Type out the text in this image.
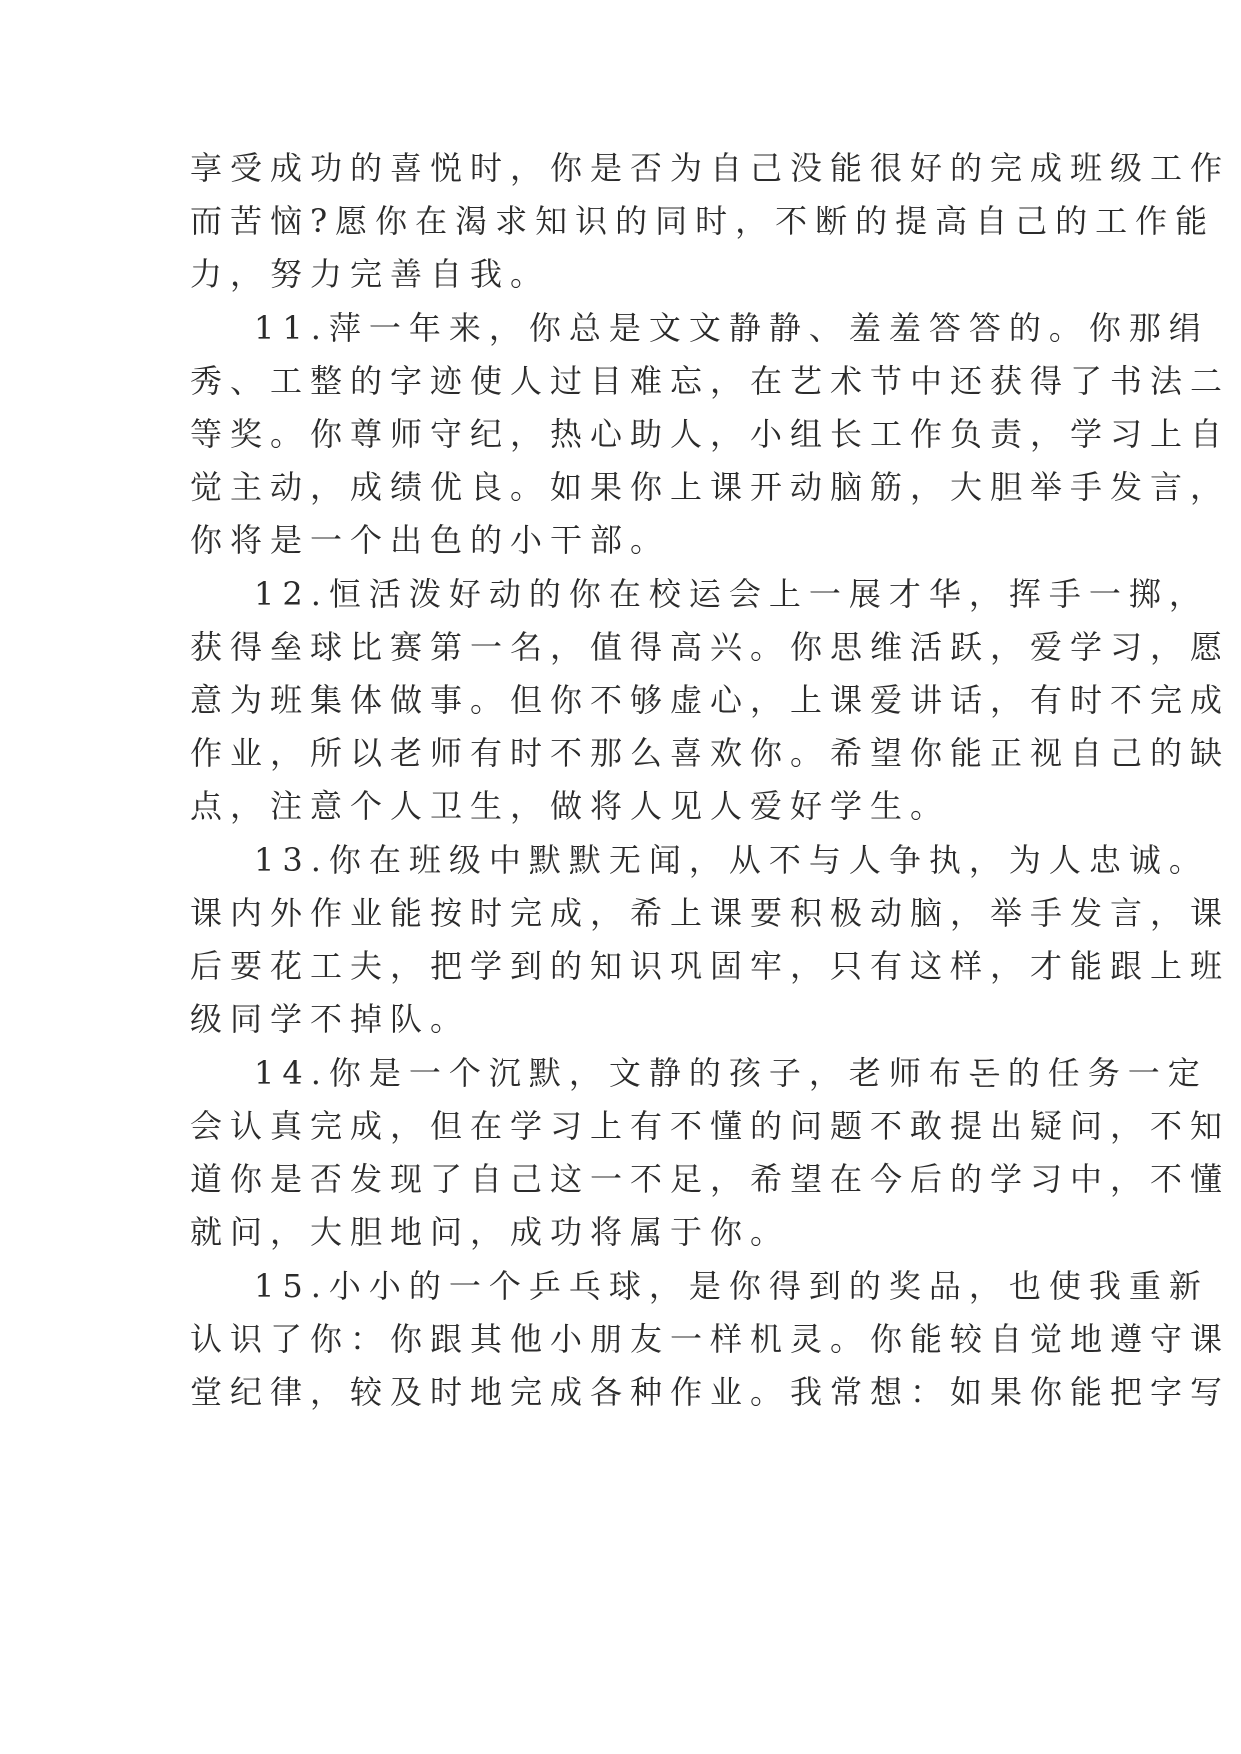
享受成功的喜悦时，你是否为自己没能很好的完成班级工作
而苦恼?愿你在渴求知识的同时，不断的提高自己的工作能
力，努力完善自我。
11.萍一年来，你总是文文静静、羞羞答答的。你那绢
秀、工整的字迹使人过目难忘，在艺术节中还获得了书法二
等奖。你尊师守纪，热心助人，小组长工作负责，学习上自
觉主动，成绩优良。如果你上课开动脑筋，大胆举手发言，
你将是一个出色的小干部。
12.恒活泼好动的你在校运会上一展才华，挥手一掷，
获得垒球比赛第一名，值得高兴。你思维活跃，爱学习，愿
意为班集体做事。但你不够虚心，上课爱讲话，有时不完成
作业，所以老师有时不那么喜欢你。希望你能正视自己的缺
点，注意个人卫生，做将人见人爱好学生。
13.你在班级中默默无闻，从不与人争执，为人忠诚。
课内外作业能按时完成，希上课要积极动脑，举手发言，课
后要花工夫，把学到的知识巩固牢，只有这样，才能跟上班
级同学不掉队。
14.你是一个沉默，文静的孩子，老师布돈的任务一定
会认真完成，但在学习上有不懂的问题不敢提出疑问，不知
道你是否发现了自己这一不足，希望在今后的学习中，不懂
就问，大胆地问，成功将属于你。
15.小小的一个乒乓球，是你得到的奖品，也使我重新
认识了你：你跟其他小朋友一样机灵。你能较自觉地遵守课
堂纪律，较及时地完成各种作业。我常想：如果你能把字写
